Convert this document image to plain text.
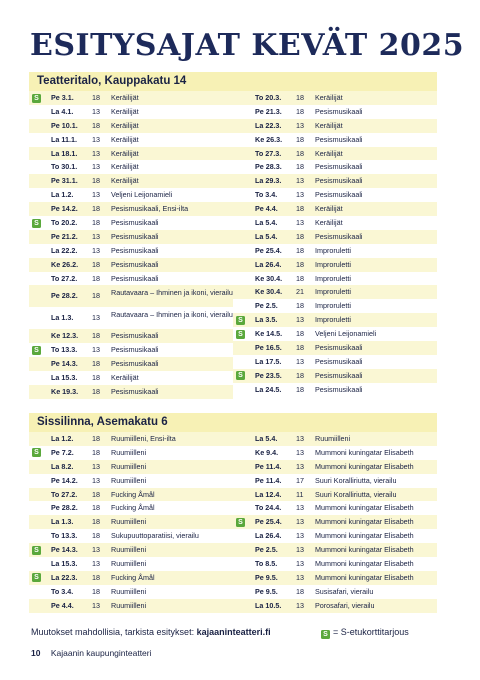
ESITYSAJAT KEVÄT 2025
Teatteritalo, Kauppakatu 14
S	Pe 3.1.	18	Keräilijät
La 4.1.	13	Keräilijät
Pe 10.1.	18	Keräilijät
La 11.1.	13	Keräilijät
La 18.1.	13	Keräilijät
To 30.1.	13	Keräilijät
Pe 31.1.	18	Keräilijät
La 1.2.	13	Veljeni Leijonamieli
Pe 14.2.	18	Pesismusikaali, Ensi-ilta
S	To 20.2.	18	Pesismusikaali
Pe 21.2.	13	Pesismusikaali
La 22.2.	13	Pesismusikaali
Ke 26.2.	18	Pesismusikaali
To 27.2.	18	Pesismusikaali
Pe 28.2.	18	Rautavaara – Ihminen ja ikoni, vierailu
La 1.3.	13	Rautavaara – Ihminen ja ikoni, vierailu
Ke 12.3.	18	Pesismusikaali
S	To 13.3.	13	Pesismusikaali
Pe 14.3.	18	Pesismusikaali
La 15.3.	18	Keräilijät
Ke 19.3.	18	Pesismusikaali
To 20.3.	18	Keräilijät
Pe 21.3.	18	Pesismusikaali
La 22.3.	13	Keräilijät
Ke 26.3.	18	Pesismusikaali
To 27.3.	18	Keräilijät
Pe 28.3.	18	Pesismusikaali
La 29.3.	13	Pesismusikaali
To 3.4.	13	Pesismusikaali
Pe 4.4.	18	Keräilijät
La 5.4.	13	Keräilijät
La 5.4.	18	Pesismusikaali
Pe 25.4.	18	Improruletti
La 26.4.	18	Improruletti
Ke 30.4.	18	Improruletti
Ke 30.4.	21	Improruletti
Pe 2.5.	18	Improruletti
S	La 3.5.	13	Improruletti
S	Ke 14.5.	18	Veljeni Leijonamieli
Pe 16.5.	18	Pesismusikaali
La 17.5.	13	Pesismusikaali
S	Pe 23.5.	18	Pesismusikaali
La 24.5.	18	Pesismusikaali
Sissilinna, Asemakatu 6
La 1.2.	18	Ruumiilleni, Ensi-ilta
S	Pe 7.2.	18	Ruumiilleni
La 8.2.	13	Ruumiilleni
Pe 14.2.	13	Ruumiilleni
To 27.2.	18	Fucking Åmål
Pe 28.2.	18	Fucking Åmål
La 1.3.	18	Ruumiilleni
To 13.3.	18	Sukupuuttoparatiisi, vierailu
S	Pe 14.3.	13	Ruumiilleni
La 15.3.	13	Ruumiilleni
S	La 22.3.	18	Fucking Åmål
To 3.4.	18	Ruumiilleni
Pe 4.4.	13	Ruumiilleni
La 5.4.	13	Ruumiilleni
Ke 9.4.	13	Mummoni kuningatar Elisabeth
Pe 11.4.	13	Mummoni kuningatar Elisabeth
Pe 11.4.	17	Suuri Koralliriutta, vierailu
La 12.4.	11	Suuri Koralliriutta, vierailu
To 24.4.	13	Mummoni kuningatar Elisabeth
S	Pe 25.4.	13	Mummoni kuningatar Elisabeth
La 26.4.	13	Mummoni kuningatar Elisabeth
Pe 2.5.	13	Mummoni kuningatar Elisabeth
To 8.5.	13	Mummoni kuningatar Elisabeth
Pe 9.5.	13	Mummoni kuningatar Elisabeth
Pe 9.5.	18	Susisafari, vierailu
La 10.5.	13	Porosafari, vierailu
Muutokset mahdollisia, tarkista esitykset: kajaaninteatteri.fi	S = S-etukorttitarjous
10 Kajaanin kaupunginteatteri
